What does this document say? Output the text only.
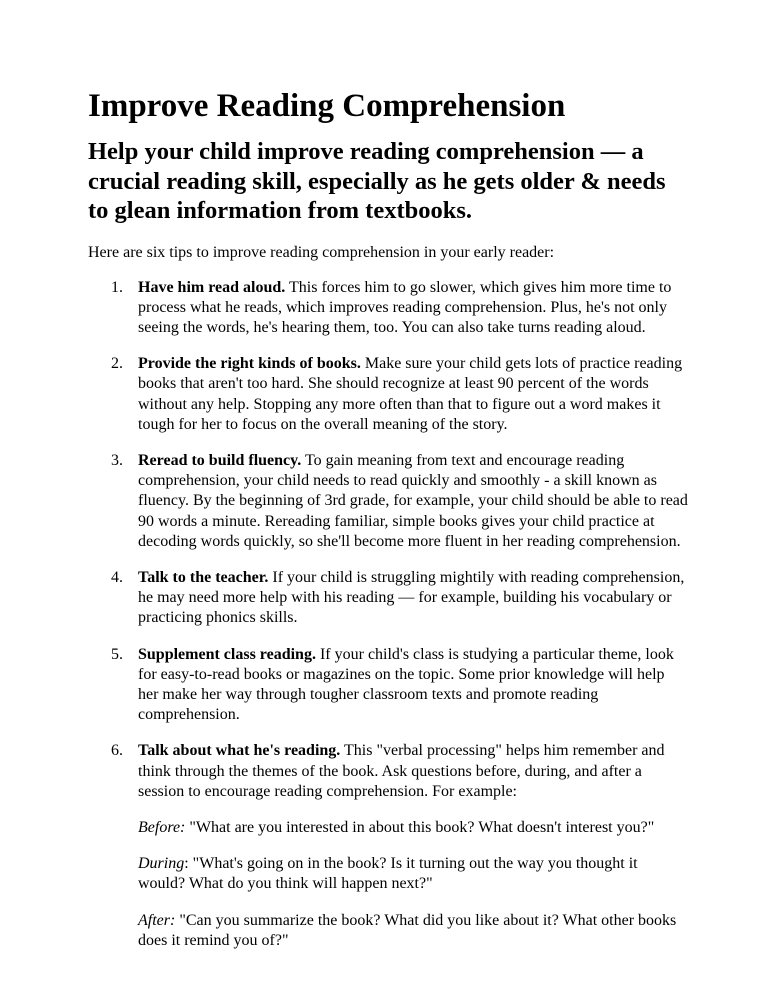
Improve Reading Comprehension
Help your child improve reading comprehension — a crucial reading skill, especially as he gets older & needs to glean information from textbooks.

Here are six tips to improve reading comprehension in your early reader:

1. Have him read aloud. This forces him to go slower, which gives him more time to process what he reads, which improves reading comprehension. Plus, he's not only seeing the words, he's hearing them, too. You can also take turns reading aloud.
2. Provide the right kinds of books. Make sure your child gets lots of practice reading books that aren't too hard. She should recognize at least 90 percent of the words without any help. Stopping any more often than that to figure out a word makes it tough for her to focus on the overall meaning of the story.
3. Reread to build fluency. To gain meaning from text and encourage reading comprehension, your child needs to read quickly and smoothly - a skill known as fluency. By the beginning of 3rd grade, for example, your child should be able to read 90 words a minute. Rereading familiar, simple books gives your child practice at decoding words quickly, so she'll become more fluent in her reading comprehension.
4. Talk to the teacher. If your child is struggling mightily with reading comprehension, he may need more help with his reading — for example, building his vocabulary or practicing phonics skills.
5. Supplement class reading. If your child's class is studying a particular theme, look for easy-to-read books or magazines on the topic. Some prior knowledge will help her make her way through tougher classroom texts and promote reading comprehension.
6. Talk about what he's reading. This "verbal processing" helps him remember and think through the themes of the book. Ask questions before, during, and after a session to encourage reading comprehension. For example:
Before: "What are you interested in about this book? What doesn't interest you?"
During: "What's going on in the book? Is it turning out the way you thought it would? What do you think will happen next?"
After: "Can you summarize the book? What did you like about it? What other books does it remind you of?"
